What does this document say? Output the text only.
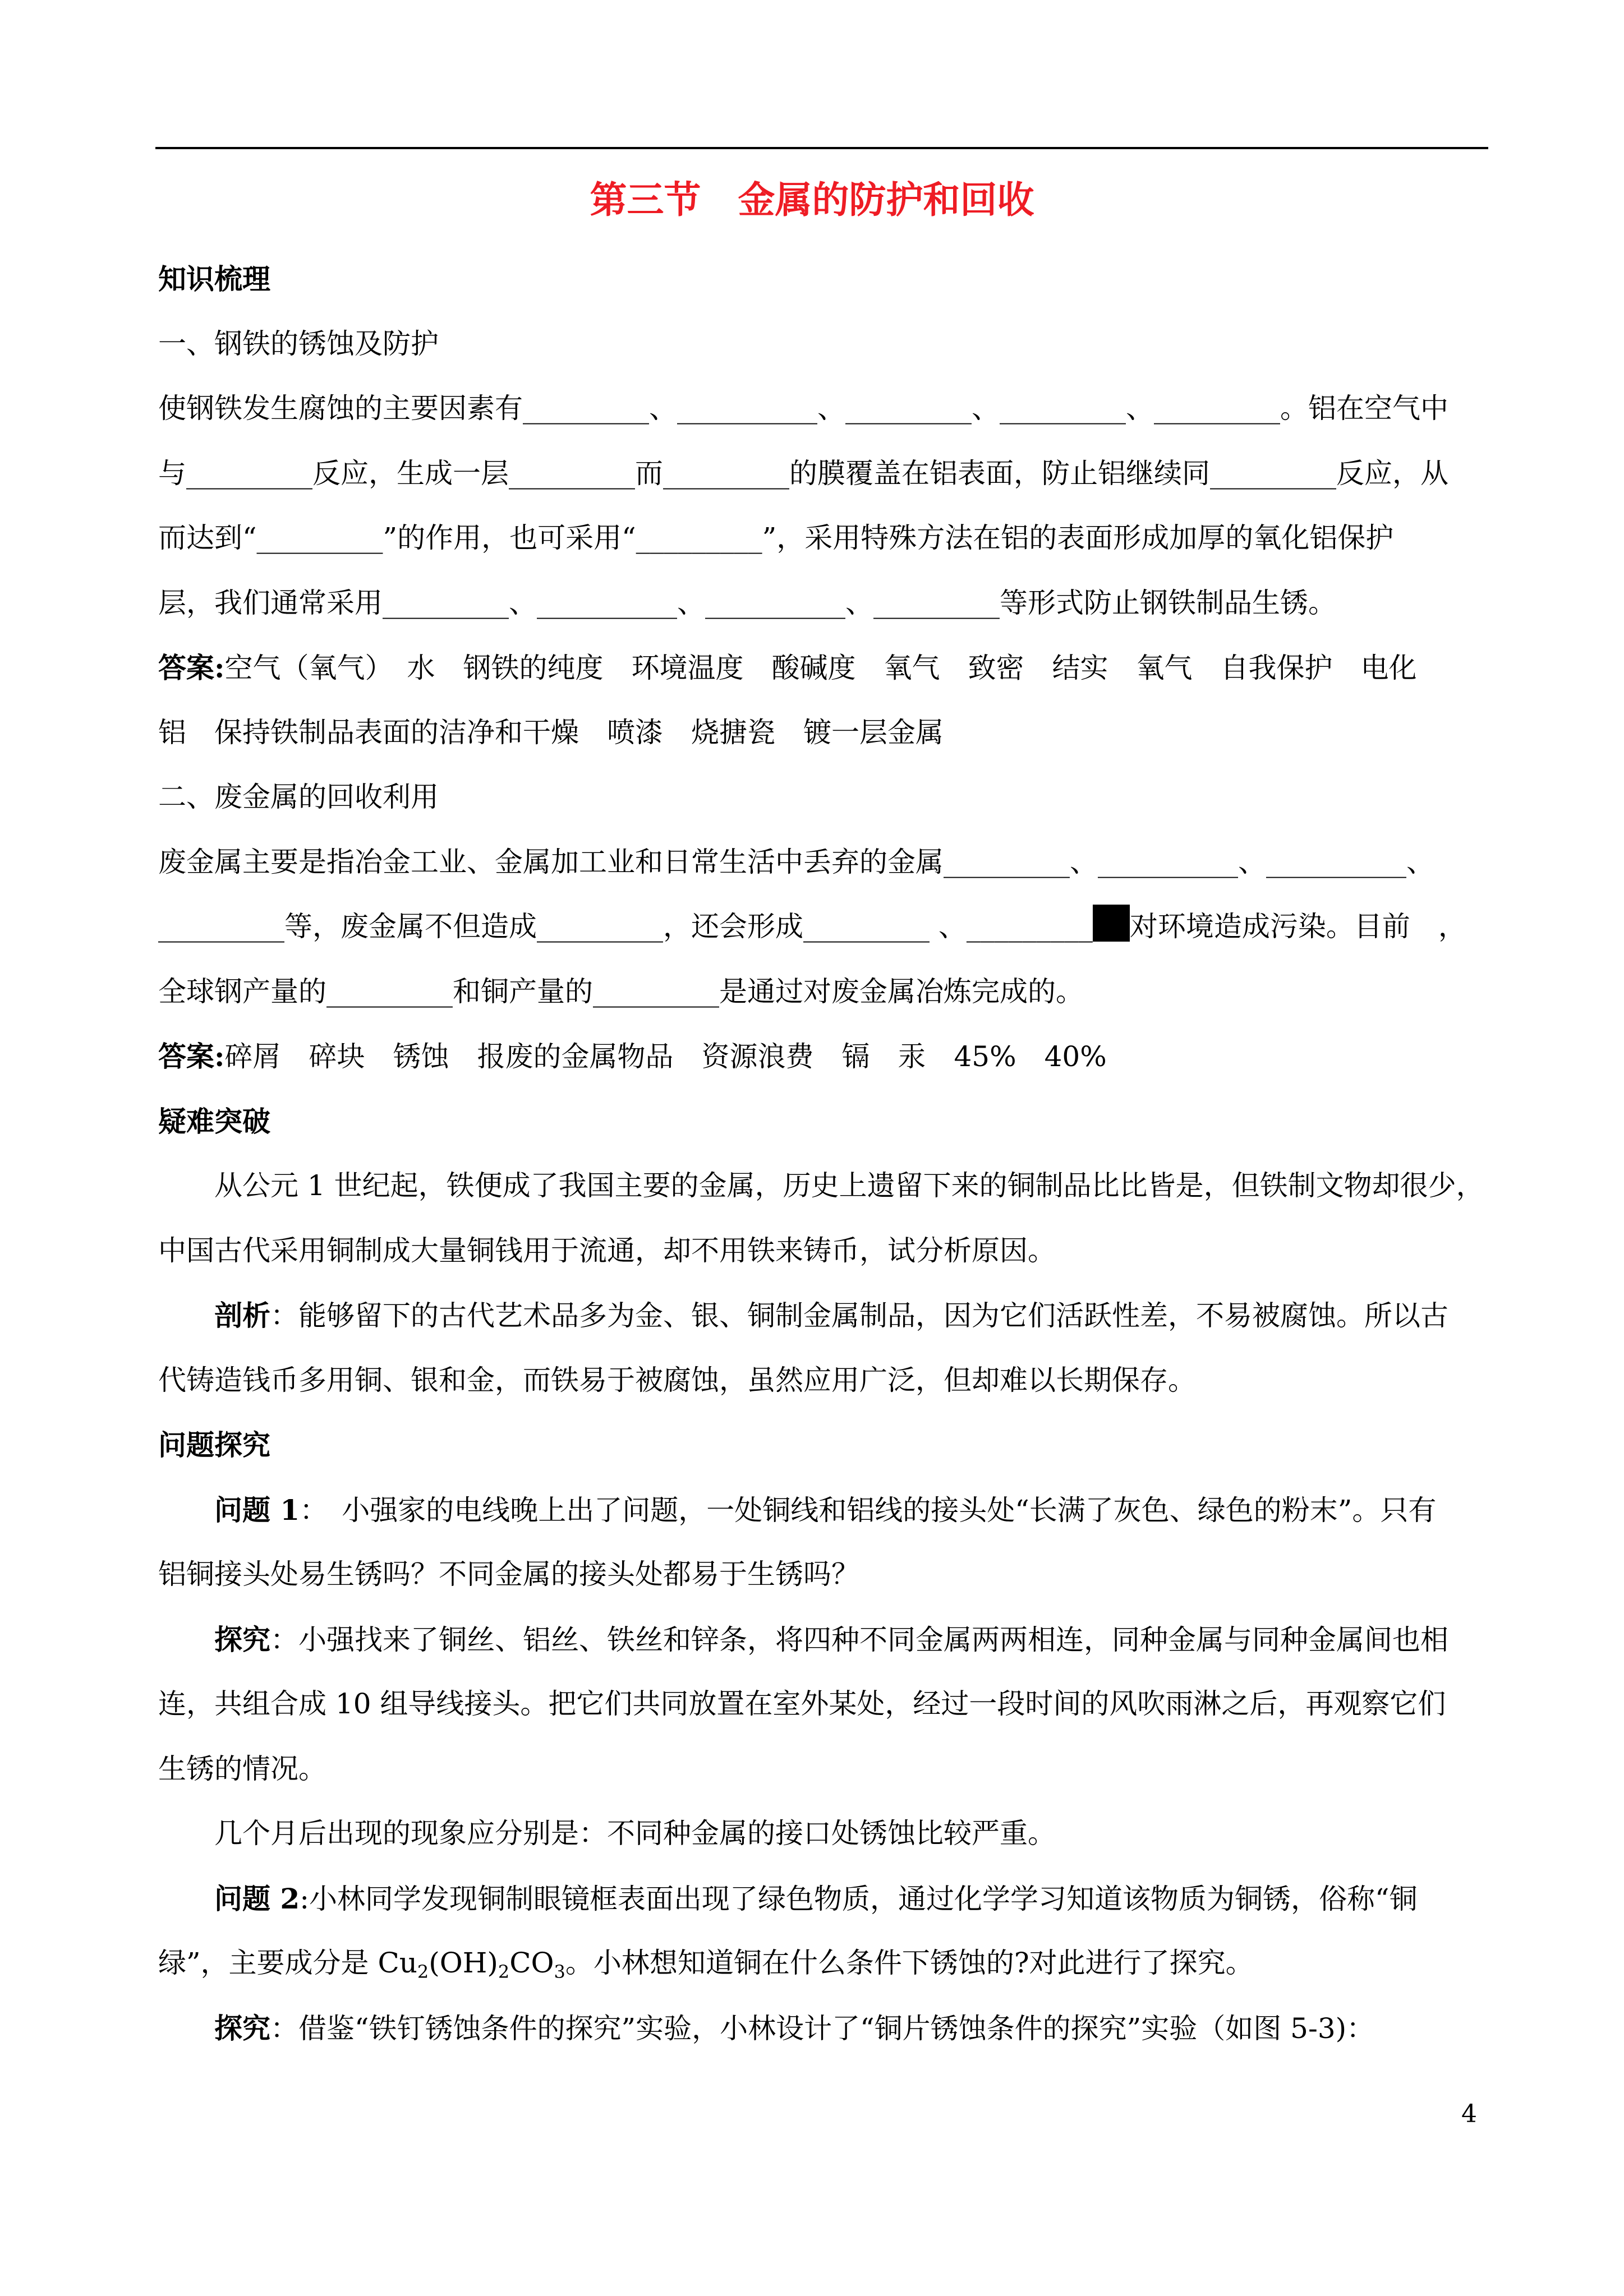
第三节　金属的防护和回收
知识梳理
一、钢铁的锈蚀及防护
使钢铁发生腐蚀的主要因素有_________、__________、_________、_________、_________。铝在空气中
与_________反应，生成一层_________而_________的膜覆盖在铝表面，防止铝继续同_________反应，从
而达到“_________”的作用，也可采用“_________”，采用特殊方法在铝的表面形成加厚的氧化铝保护
层，我们通常采用_________、__________、__________、_________等形式防止钢铁制品生锈。
答案:空气（氧气）　水　钢铁的纯度　环境温度　酸碱度　氧气　致密　结实　氧气　自我保护　电化
铝　保持铁制品表面的洁净和干燥　喷漆　烧搪瓷　镀一层金属
二、废金属的回收利用
废金属主要是指冶金工业、金属加工业和日常生活中丢弃的金属_________、__________、__________、
_________等，废金属不但造成_________，还会形成_________ 、_________ 对环境造成污染。目前　，
全球钢产量的_________和铜产量的_________是通过对废金属冶炼完成的。
答案:碎屑　碎块　锈蚀　报废的金属物品　资源浪费　镉　汞　45%　40%
疑难突破
从公元 1 世纪起，铁便成了我国主要的金属，历史上遗留下来的铜制品比比皆是，但铁制文物却很少，
中国古代采用铜制成大量铜钱用于流通，却不用铁来铸币，试分析原因。
剖析：能够留下的古代艺术品多为金、银、铜制金属制品，因为它们活跃性差，不易被腐蚀。所以古
代铸造钱币多用铜、银和金，而铁易于被腐蚀，虽然应用广泛，但却难以长期保存。
问题探究
问题 1：　小强家的电线晚上出了问题，一处铜线和铝线的接头处“长满了灰色、绿色的粉末”。只有
铝铜接头处易生锈吗？不同金属的接头处都易于生锈吗？
探究：小强找来了铜丝、铝丝、铁丝和锌条，将四种不同金属两两相连，同种金属与同种金属间也相
连，共组合成 10 组导线接头。把它们共同放置在室外某处，经过一段时间的风吹雨淋之后，再观察它们
生锈的情况。
几个月后出现的现象应分别是：不同种金属的接口处锈蚀比较严重。
问题 2:小林同学发现铜制眼镜框表面出现了绿色物质，通过化学学习知道该物质为铜锈，俗称“铜
绿”，主要成分是 $Cu_2(OH)_2CO_3$。小林想知道铜在什么条件下锈蚀的?对此进行了探究。
探究：借鉴“铁钉锈蚀条件的探究”实验，小林设计了“铜片锈蚀条件的探究”实验（如图 5-3)：
4
